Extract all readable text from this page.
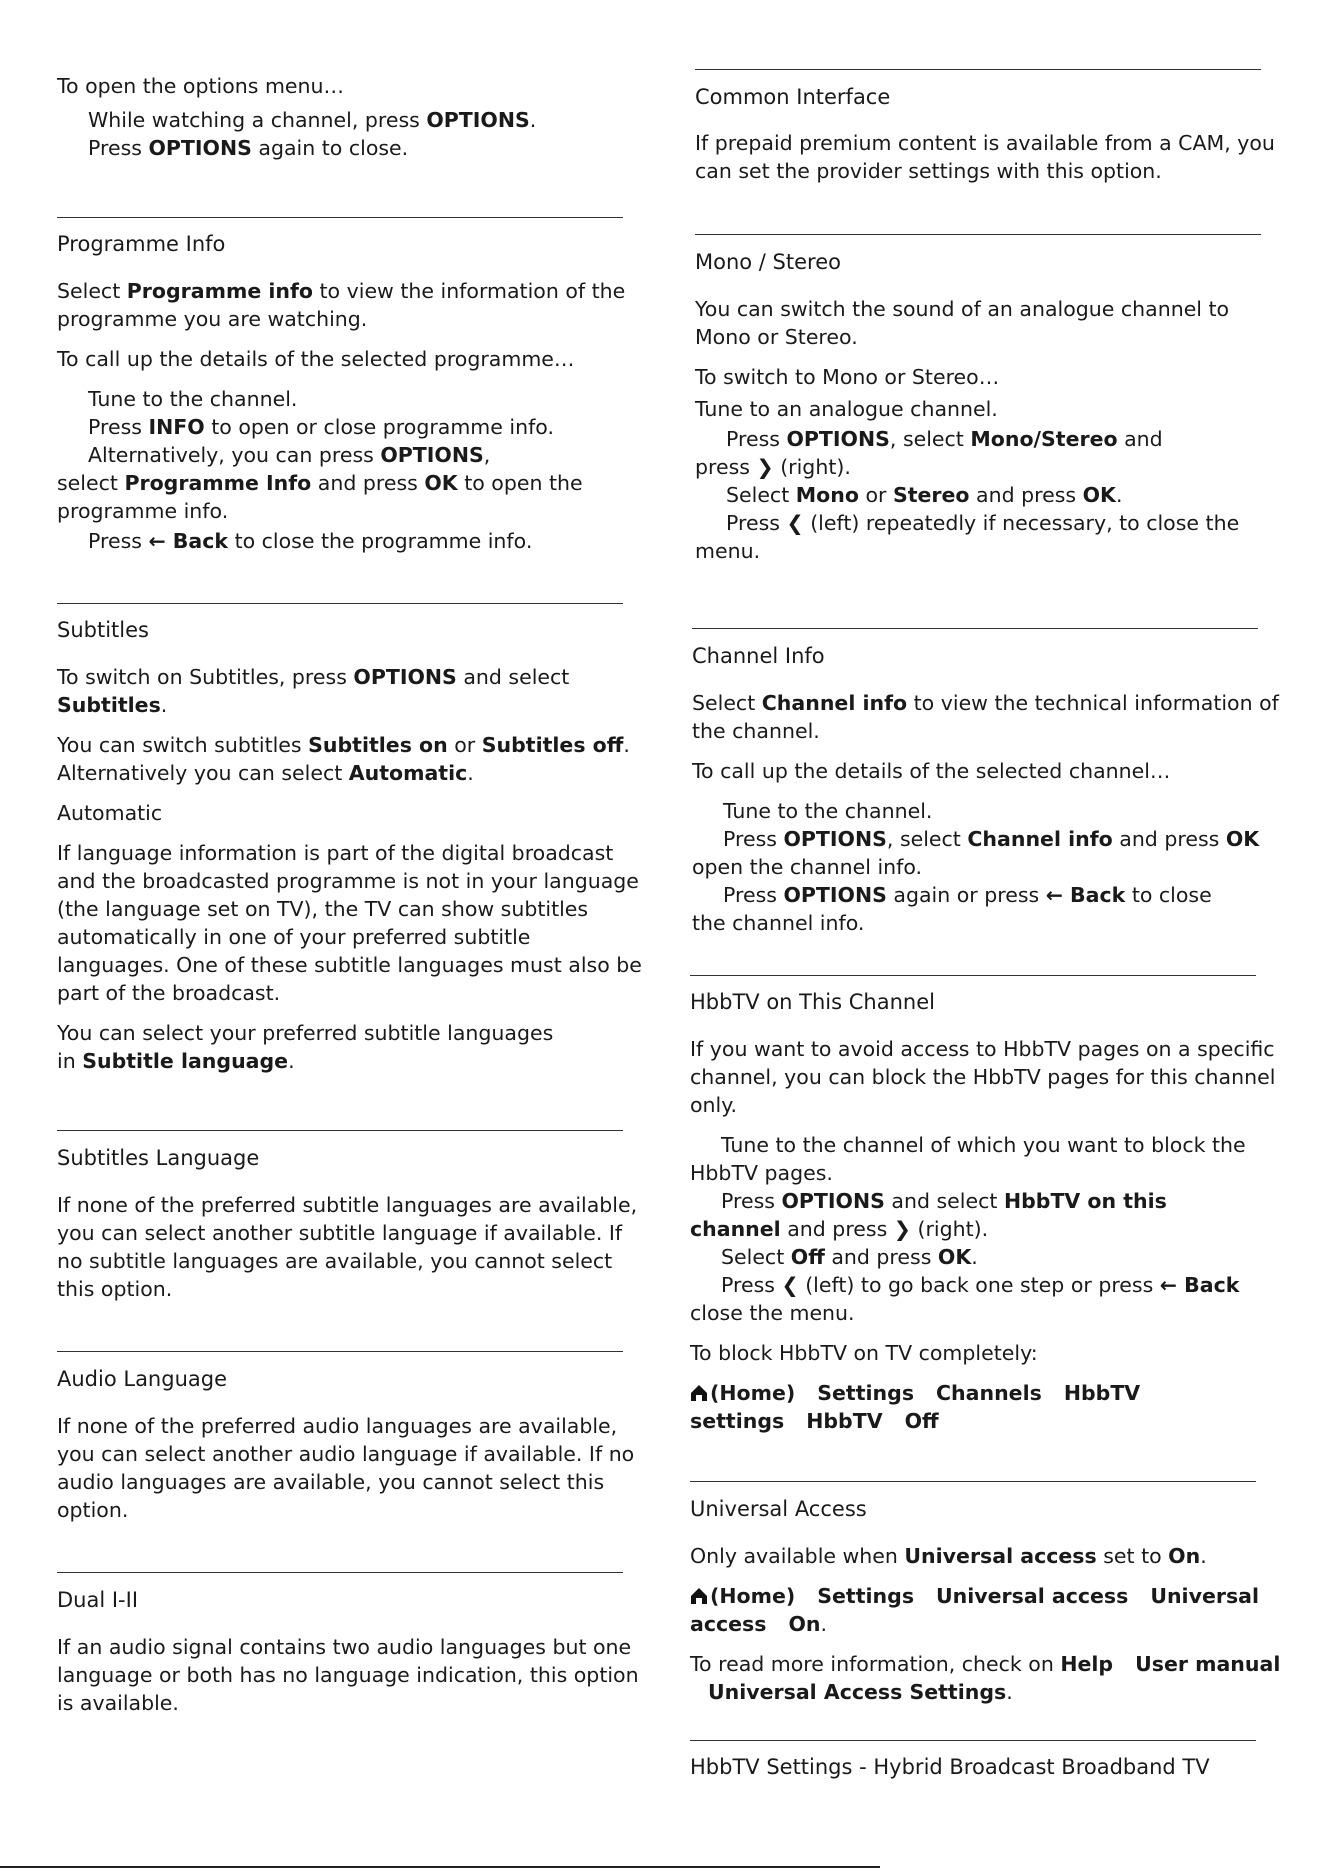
To open the options menu…
While watching a channel, press OPTIONS.
Press OPTIONS again to close.
Programme Info
Select Programme info to view the information of the
programme you are watching.
To call up the details of the selected programme…
Tune to the channel.
Press INFO to open or close programme info.
Alternatively, you can press OPTIONS,
select Programme Info and press OK to open the
programme info.
Press ← Back to close the programme info.
Subtitles
To switch on Subtitles, press OPTIONS and select
Subtitles.
You can switch subtitles Subtitles on or Subtitles off.
Alternatively you can select Automatic.
Automatic
If language information is part of the digital broadcast
and the broadcasted programme is not in your language
(the language set on TV), the TV can show subtitles
automatically in one of your preferred subtitle
languages. One of these subtitle languages must also be
part of the broadcast.
You can select your preferred subtitle languages
in Subtitle language.
Subtitles Language
If none of the preferred subtitle languages are available,
you can select another subtitle language if available. If
no subtitle languages are available, you cannot select
this option.
Audio Language
If none of the preferred audio languages are available,
you can select another audio language if available. If no
audio languages are available, you cannot select this
option.
Dual I-II
If an audio signal contains two audio languages but one
language or both has no language indication, this option
is available.
Common Interface
If prepaid premium content is available from a CAM, you
can set the provider settings with this option.
Mono / Stereo
You can switch the sound of an analogue channel to
Mono or Stereo.
To switch to Mono or Stereo…
Tune to an analogue channel.
Press OPTIONS, select Mono/Stereo and
press ❯ (right).
Select Mono or Stereo and press OK.
Press ❮ (left) repeatedly if necessary, to close the
menu.
Channel Info
Select Channel info to view the technical information of
the channel.
To call up the details of the selected channel…
Tune to the channel.
Press OPTIONS, select Channel info and press OK
open the channel info.
Press OPTIONS again or press ← Back to close
the channel info.
HbbTV on This Channel
If you want to avoid access to HbbTV pages on a specific
channel, you can block the HbbTV pages for this channel
only.
Tune to the channel of which you want to block the
HbbTV pages.
Press OPTIONS and select HbbTV on this
channel and press ❯ (right).
Select Off and press OK.
Press ❮ (left) to go back one step or press ← Back
close the menu.
To block HbbTV on TV completely:
(Home) Settings Channels HbbTV
settings HbbTV Off
Universal Access
Only available when Universal access set to On.
(Home) Settings Universal access Universal
access On.
To read more information, check on Help User manual
Universal Access Settings.
HbbTV Settings - Hybrid Broadcast Broadband TV
